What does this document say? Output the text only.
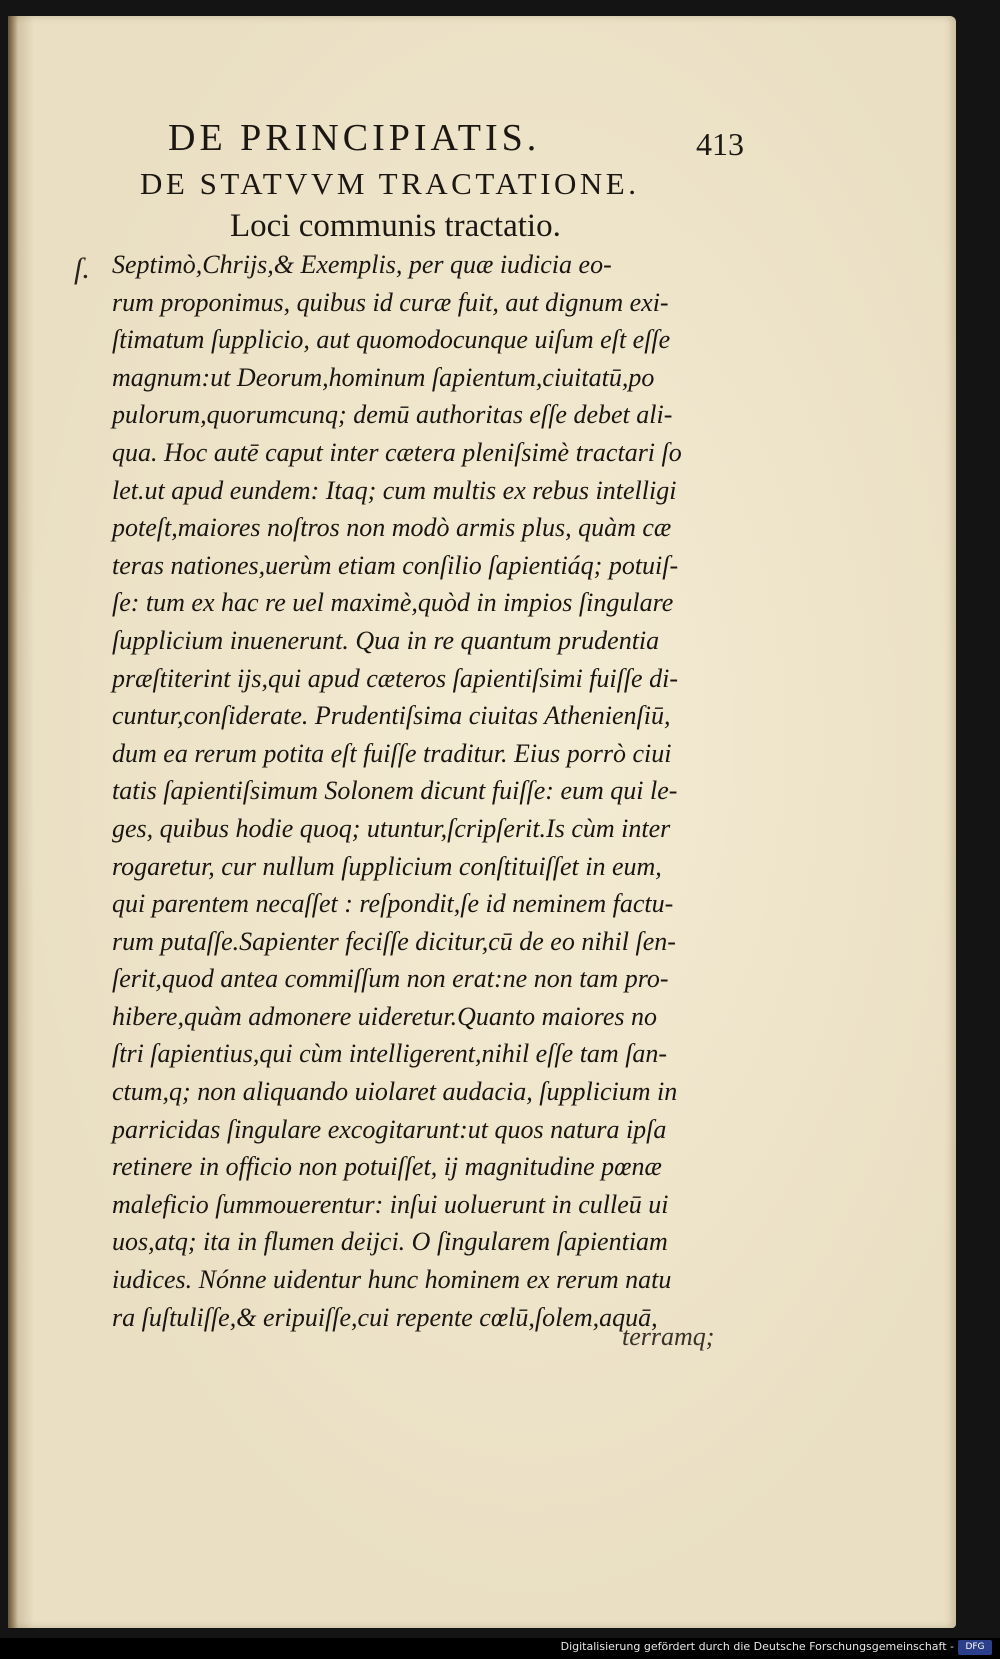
DE PRINCIPIATIS.	413
DE STATVVM TRACTATIONE.
Loci communis tractatio.
ſ. Septimò,Chrijs,& Exemplis, per quæ iudicia eo-
rum proponimus, quibus id curæ fuit, aut dignum exi-
ſtimatum ſupplicio, aut quomodocunque uiſum eſt eſſe
magnum:ut Deorum,hominum ſapientum,ciuitatū,po
pulorum,quorumcunq; demū authoritas eſſe debet ali-
qua. Hoc autē caput inter cætera pleniſsimè tractari ſo
let.ut apud eundem: Itaq; cum multis ex rebus intelligi
poteſt,maiores noſtros non modò armis plus, quàm cæ
teras nationes,uerùm etiam conſilio ſapientiáq; potuiſ-
ſe: tum ex hac re uel maximè,quòd in impios ſingulare
ſupplicium inuenerunt. Qua in re quantum prudentia
præſtiterint ijs,qui apud cæteros ſapientiſsimi fuiſſe di-
cuntur,conſiderate. Prudentiſsima ciuitas Athenienſiū,
dum ea rerum potita eſt fuiſſe traditur. Eius porrò ciui
tatis ſapientiſsimum Solonem dicunt fuiſſe: eum qui le-
ges, quibus hodie quoq; utuntur,ſcripſerit.Is cùm inter
rogaretur, cur nullum ſupplicium conſtituiſſet in eum,
qui parentem necaſſet : reſpondit,ſe id neminem factu-
rum putaſſe.Sapienter feciſſe dicitur,cū de eo nihil ſen-
ſerit,quod antea commiſſum non erat:ne non tam pro-
hibere,quàm admonere uideretur.Quanto maiores no
ſtri ſapientius,qui cùm intelligerent,nihil eſſe tam ſan-
ctum,q; non aliquando uiolaret audacia, ſupplicium in
parricidas ſingulare excogitarunt:ut quos natura ipſa
retinere in officio non potuiſſet, ij magnitudine pœnæ
maleficio ſummouerentur: inſui uoluerunt in culleū ui
uos,atq; ita in flumen deijci. O ſingularem ſapientiam
iudices. Nónne uidentur hunc hominem ex rerum natu
ra ſuſtuliſſe,& eripuiſſe,cui repente cœlū,ſolem,aquā,
terramq;
Digitalisierung gefördert durch die Deutsche Forschungsgemeinschaft -	DFG
